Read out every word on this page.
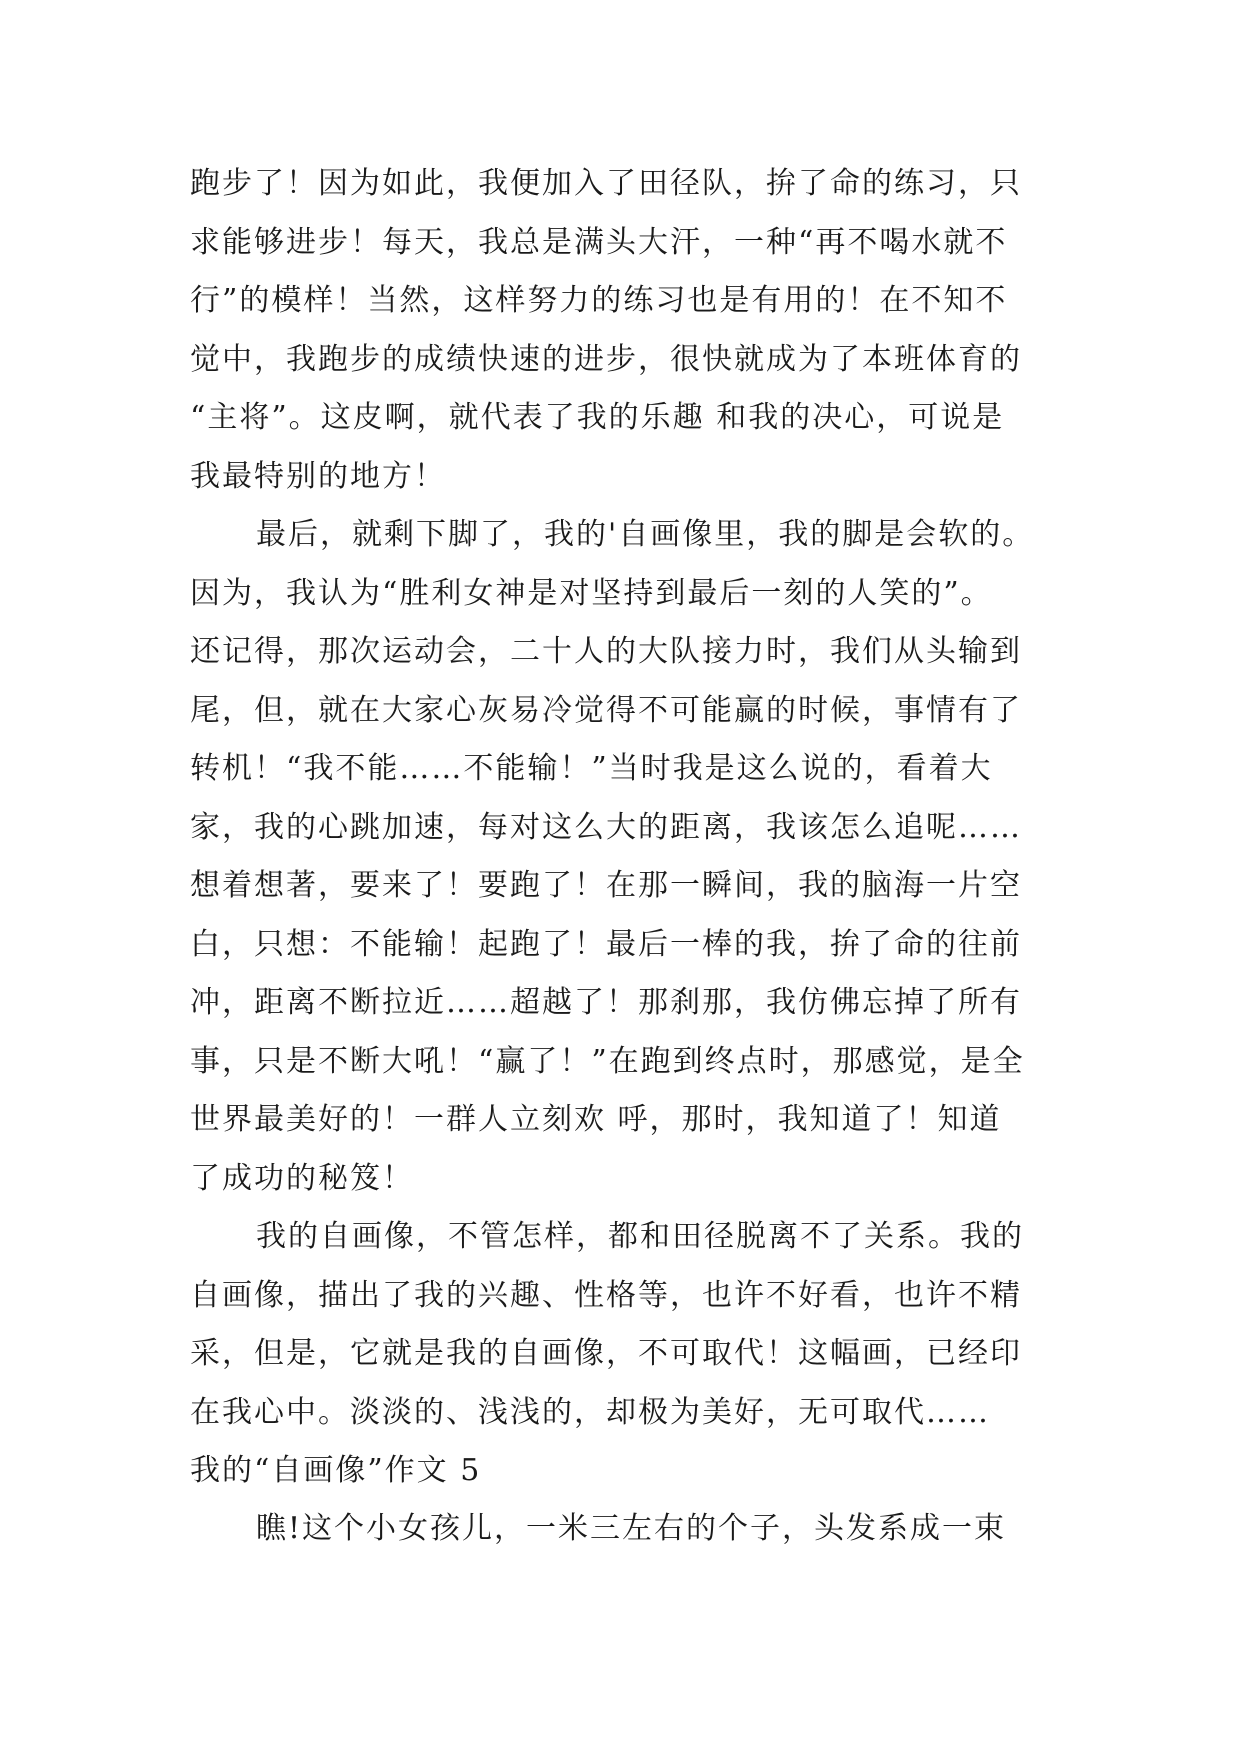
跑步了！因为如此，我便加入了田径队，拚了命的练习，只
求能够进步！每天，我总是满头大汗，一种“再不喝水就不
行”的模样！当然，这样努力的练习也是有用的！在不知不
觉中，我跑步的成绩快速的进步，很快就成为了本班体育的
“主将”。这皮啊，就代表了我的乐趣 和我的决心，可说是
我最特别的地方！
最后，就剩下脚了，我的'自画像里，我的脚是会软的。
因为，我认为“胜利女神是对坚持到最后一刻的人笑的”。
还记得，那次运动会，二十人的大队接力时，我们从头输到
尾，但，就在大家心灰易冷觉得不可能赢的时候，事情有了
转机！“我不能……不能输！”当时我是这么说的，看着大
家，我的心跳加速，每对这么大的距离，我该怎么追呢……
想着想著，要来了！要跑了！在那一瞬间，我的脑海一片空
白，只想：不能输！起跑了！最后一棒的我，拚了命的往前
冲，距离不断拉近……超越了！那刹那，我仿佛忘掉了所有
事，只是不断大吼！“赢了！”在跑到终点时，那感觉，是全
世界最美好的！一群人立刻欢 呼，那时，我知道了！知道
了成功的秘笈！
我的自画像，不管怎样，都和田径脱离不了关系。我的
自画像，描出了我的兴趣、性格等，也许不好看，也许不精
采，但是，它就是我的自画像，不可取代！这幅画，已经印
在我心中。淡淡的、浅浅的，却极为美好，无可取代……
我的“自画像”作文 5
瞧!这个小女孩儿，一米三左右的个子，头发系成一束
